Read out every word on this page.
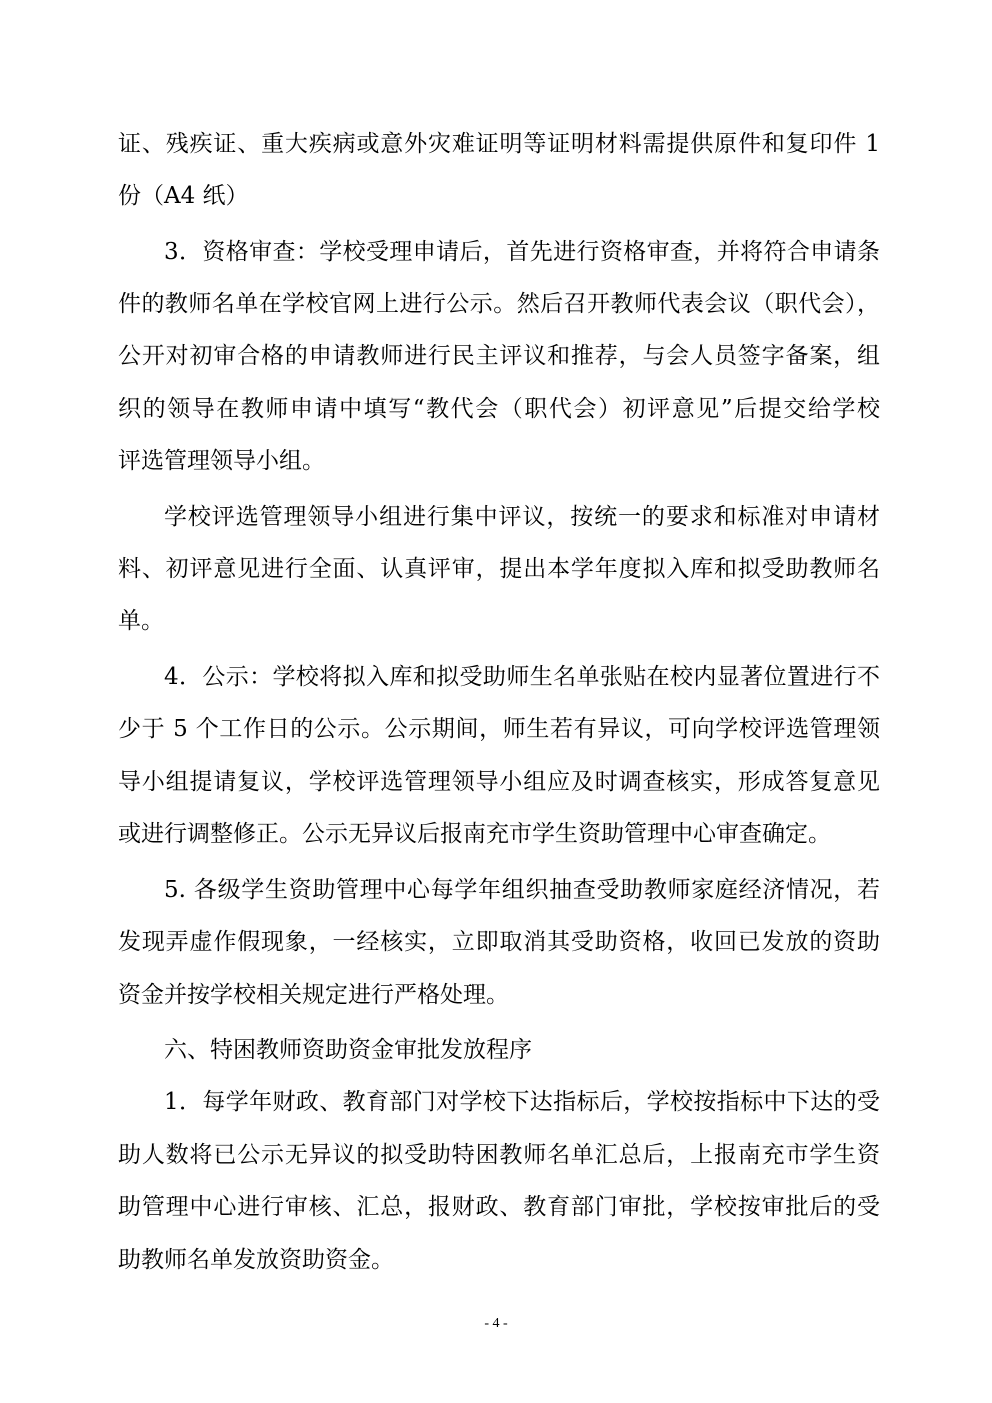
证、残疾证、重大疾病或意外灾难证明等证明材料需提供原件和复印件 1
份（A4 纸）
3．资格审查：学校受理申请后，首先进行资格审查，并将符合申请条
件的教师名单在学校官网上进行公示。然后召开教师代表会议（职代会），
公开对初审合格的申请教师进行民主评议和推荐，与会人员签字备案，组
织的领导在教师申请中填写“教代会（职代会）初评意见”后提交给学校
评选管理领导小组。
学校评选管理领导小组进行集中评议，按统一的要求和标准对申请材
料、初评意见进行全面、认真评审，提出本学年度拟入库和拟受助教师名
单。
4．公示：学校将拟入库和拟受助师生名单张贴在校内显著位置进行不
少于 5 个工作日的公示。公示期间，师生若有异议，可向学校评选管理领
导小组提请复议，学校评选管理领导小组应及时调查核实，形成答复意见
或进行调整修正。公示无异议后报南充市学生资助管理中心审查确定。
5. 各级学生资助管理中心每学年组织抽查受助教师家庭经济情况，若
发现弄虚作假现象，一经核实，立即取消其受助资格，收回已发放的资助
资金并按学校相关规定进行严格处理。
六、特困教师资助资金审批发放程序
1．每学年财政、教育部门对学校下达指标后，学校按指标中下达的受
助人数将已公示无异议的拟受助特困教师名单汇总后，上报南充市学生资
助管理中心进行审核、汇总，报财政、教育部门审批，学校按审批后的受
助教师名单发放资助资金。
- 4 -
